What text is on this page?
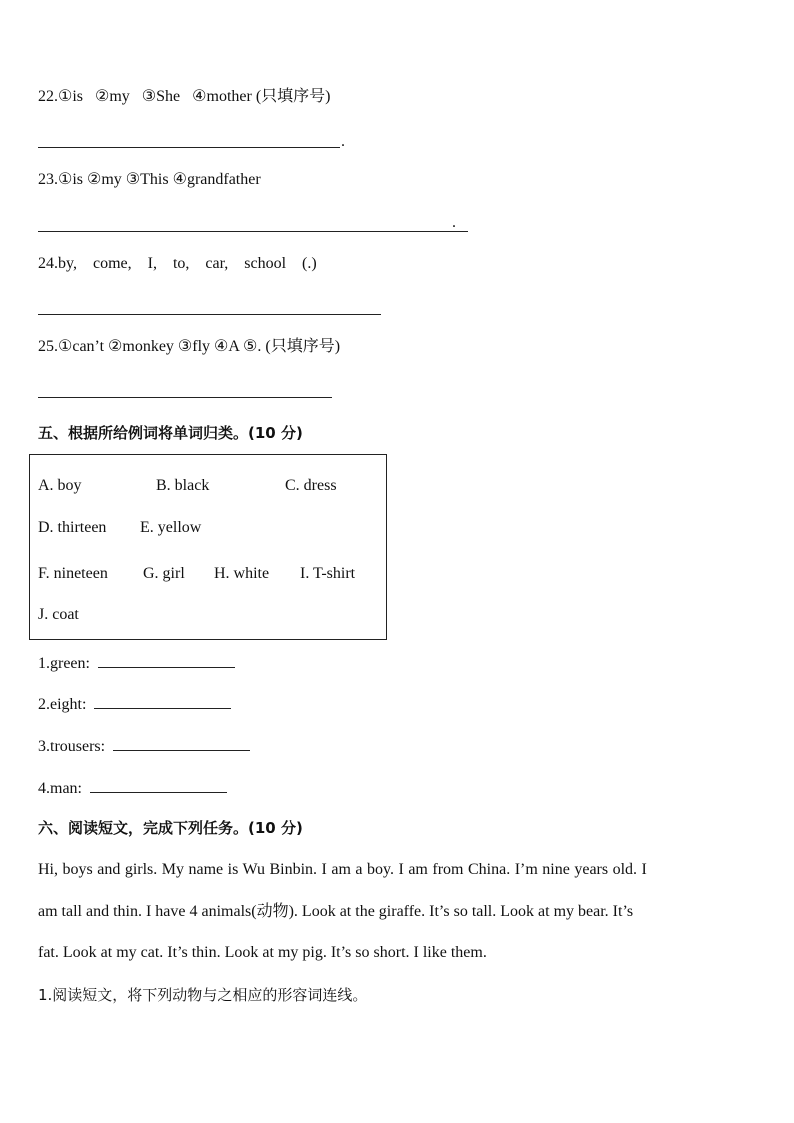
22.①is   ②my   ③She   ④mother (只填序号)
.
23.①is ②my ③This ④grandfather
.
24.by,    come,    I,    to,    car,    school    (.)
25.①can’t ②monkey ③fly ④A ⑤. (只填序号)
五、根据所给例词将单词归类。(10 分)
A. boy	B. black	C. dress
D. thirteen E. yellow
F. nineteen G. girl H. white I. T-shirt
J. coat
1.green:
2.eight:
3.trousers:
4.man:
六、阅读短文，完成下列任务。(10 分)
Hi, boys and girls. My name is Wu Binbin. I am a boy. I am from China. I’m nine years old. I
am tall and thin. I have 4 animals(动物). Look at the giraffe. It’s so tall. Look at my bear. It’s
fat. Look at my cat. It’s thin. Look at my pig. It’s so short. I like them.
1.阅读短文，将下列动物与之相应的形容词连线。
